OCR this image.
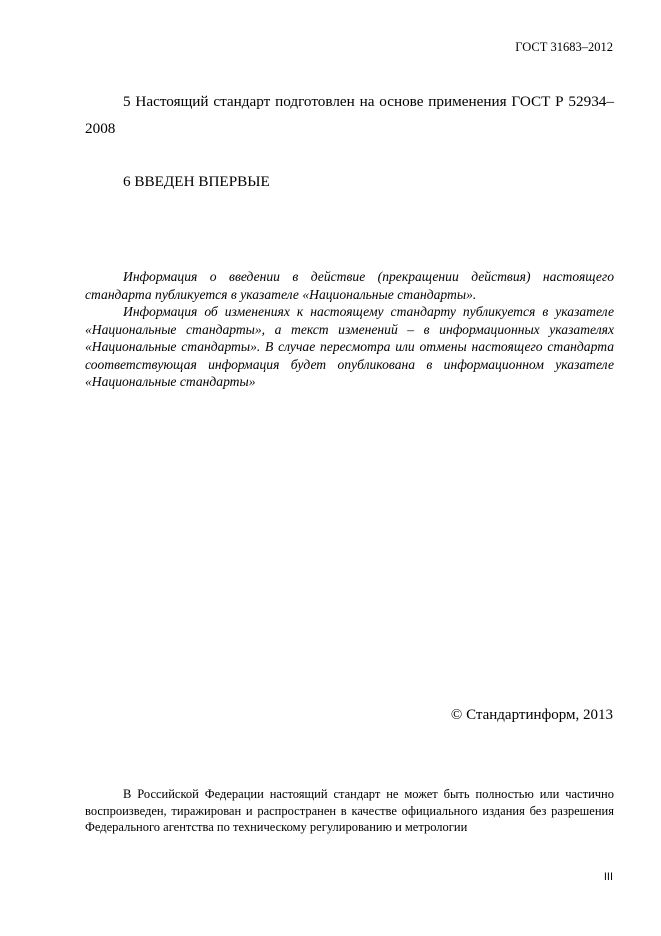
ГОСТ 31683–2012
5 Настоящий стандарт подготовлен на основе применения ГОСТ Р 52934–2008
6 ВВЕДЕН ВПЕРВЫЕ

Информация о введении в действие (прекращении действия) настоящего стандарта публикуется в указателе «Национальные стандарты».

Информация об изменениях к настоящему стандарту публикуется в указателе «Национальные стандарты», а текст изменений – в информационных указателях «Национальные стандарты». В случае пересмотра или отмены настоящего стандарта соответствующая информация будет опубликована в информационном указателе «Национальные стандарты»

© Стандартинформ, 2013

В Российской Федерации настоящий стандарт не может быть полностью или частично воспроизведен, тиражирован и распространен в качестве официального издания без разрешения Федерального агентства по техническому регулированию и метрологии

III
